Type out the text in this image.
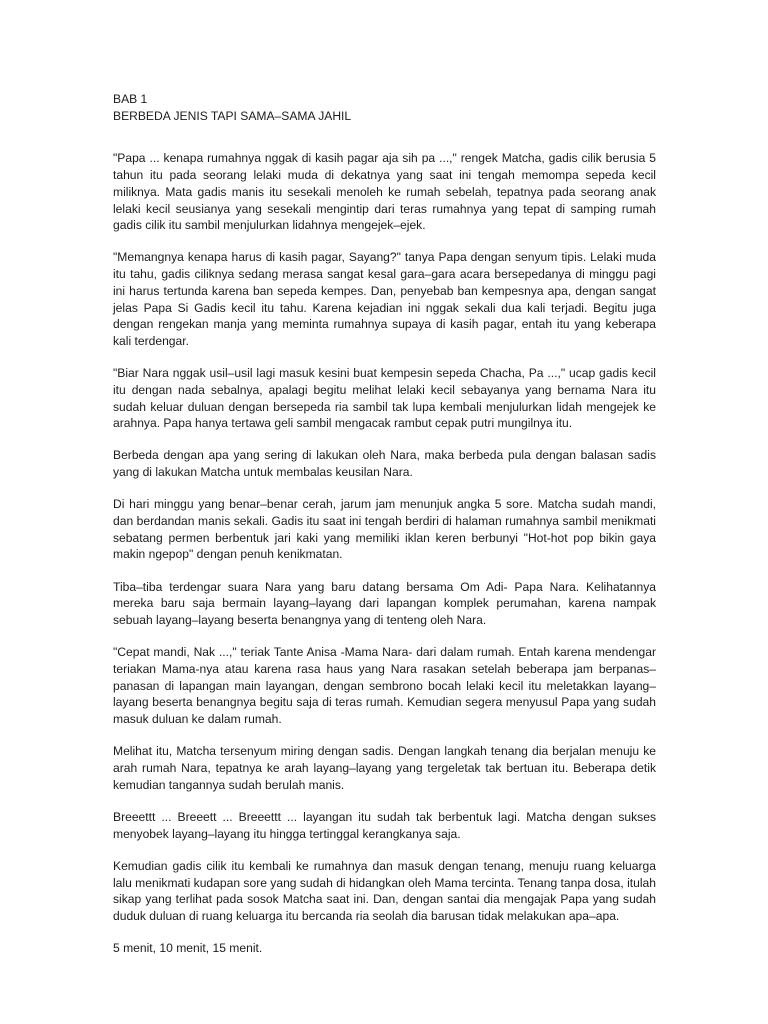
BAB 1
BERBEDA JENIS TAPI SAMA–SAMA JAHIL

"Papa ... kenapa rumahnya nggak di kasih pagar aja sih pa ...," rengek Matcha, gadis cilik berusia 5 tahun itu pada seorang lelaki muda di dekatnya yang saat ini tengah memompa sepeda kecil miliknya. Mata gadis manis itu sesekali menoleh ke rumah sebelah, tepatnya pada seorang anak lelaki kecil seusianya yang sesekali mengintip dari teras rumahnya yang tepat di samping rumah gadis cilik itu sambil menjulurkan lidahnya mengejek–ejek.

"Memangnya kenapa harus di kasih pagar, Sayang?" tanya Papa dengan senyum tipis. Lelaki muda itu tahu, gadis ciliknya sedang merasa sangat kesal gara–gara acara bersepedanya di minggu pagi ini harus tertunda karena ban sepeda kempes. Dan, penyebab ban kempesnya apa, dengan sangat jelas Papa Si Gadis kecil itu tahu. Karena kejadian ini nggak sekali dua kali terjadi. Begitu juga dengan rengekan manja yang meminta rumahnya supaya di kasih pagar, entah itu yang keberapa kali terdengar.

"Biar Nara nggak usil–usil lagi masuk kesini buat kempesin sepeda Chacha, Pa ...," ucap gadis kecil itu dengan nada sebalnya, apalagi begitu melihat lelaki kecil sebayanya yang bernama Nara itu sudah keluar duluan dengan bersepeda ria sambil tak lupa kembali menjulurkan lidah mengejek ke arahnya. Papa hanya tertawa geli sambil mengacak rambut cepak putri mungilnya itu.

Berbeda dengan apa yang sering di lakukan oleh Nara, maka berbeda pula dengan balasan sadis yang di lakukan Matcha untuk membalas keusilan Nara.

Di hari minggu yang benar–benar cerah, jarum jam menunjuk angka 5 sore. Matcha sudah mandi, dan berdandan manis sekali. Gadis itu saat ini tengah berdiri di halaman rumahnya sambil menikmati sebatang permen berbentuk jari kaki yang memiliki iklan keren berbunyi "Hot-hot pop bikin gaya makin ngepop" dengan penuh kenikmatan.

Tiba–tiba terdengar suara Nara yang baru datang bersama Om Adi- Papa Nara. Kelihatannya mereka baru saja bermain layang–layang dari lapangan komplek perumahan, karena nampak sebuah layang–layang beserta benangnya yang di tenteng oleh Nara.

"Cepat mandi, Nak ...," teriak Tante Anisa -Mama Nara- dari dalam rumah. Entah karena mendengar teriakan Mama-nya atau karena rasa haus yang Nara rasakan setelah beberapa jam berpanas–panasan di lapangan main layangan, dengan sembrono bocah lelaki kecil itu meletakkan layang–layang beserta benangnya begitu saja di teras rumah. Kemudian segera menyusul Papa yang sudah masuk duluan ke dalam rumah.

Melihat itu, Matcha tersenyum miring dengan sadis. Dengan langkah tenang dia berjalan menuju ke arah rumah Nara, tepatnya ke arah layang–layang yang tergeletak tak bertuan itu. Beberapa detik kemudian tangannya sudah berulah manis.

Breeettt ... Breeett ... Breeettt ... layangan itu sudah tak berbentuk lagi. Matcha dengan sukses menyobek layang–layang itu hingga tertinggal kerangkanya saja.

Kemudian gadis cilik itu kembali ke rumahnya dan masuk dengan tenang, menuju ruang keluarga lalu menikmati kudapan sore yang sudah di hidangkan oleh Mama tercinta. Tenang tanpa dosa, itulah sikap yang terlihat pada sosok Matcha saat ini. Dan, dengan santai dia mengajak Papa yang sudah duduk duluan di ruang keluarga itu bercanda ria seolah dia barusan tidak melakukan apa–apa.

5 menit, 10 menit, 15 menit.
